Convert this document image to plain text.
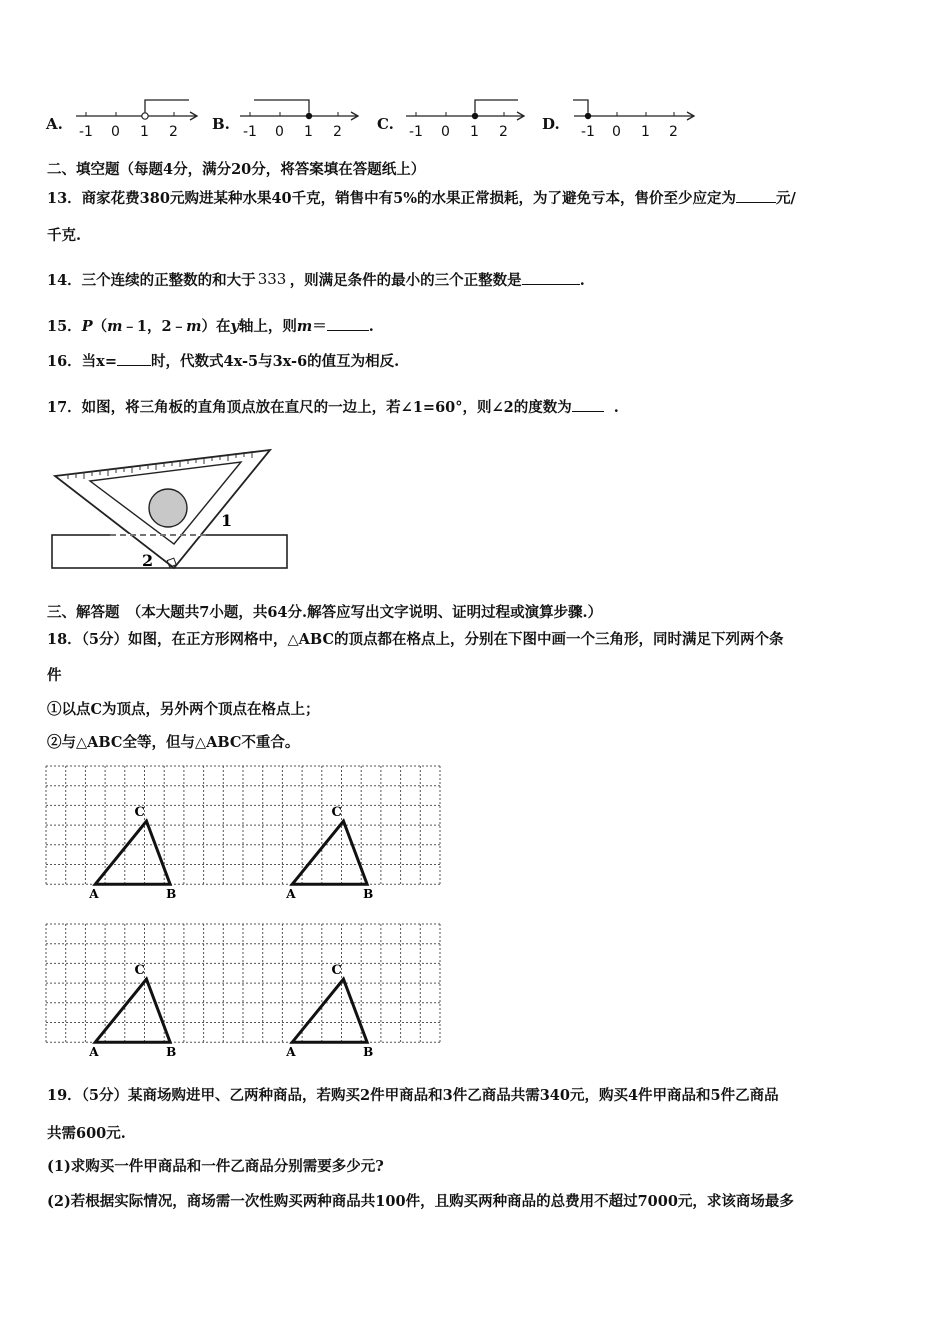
A. -1 0 1 2 B. -1 0 1 2 C. -1 0 1 2 D. -1 0 1 2
二、填空题（每题4分，满分20分，将答案填在答题纸上）
13．商家花费380元购进某种水果40千克，销售中有5%的水果正常损耗，为了避免亏本，售价至少应定为	元/
千克.
14．三个连续的正整数的和大于 333 ，则满足条件的最小的三个正整数是	.
15．P（m﹣1，2﹣m）在y轴上，则m＝	.
16．当x= 时，代数式4x-5与3x-6的值互为相反.
17．如图，将三角板的直角顶点放在直尺的一边上，若∠1=60°，则∠2的度数为	.
1
2
三、解答题　（本大题共7小题，共64分.解答应写出文字说明、证明过程或演算步骤.）
18．（5分）如图，在正方形网格中，△ABC的顶点都在格点上，分别在下图中画一个三角形，同时满足下列两个条
件
①以点C为顶点，另外两个顶点在格点上；
②与△ABC全等，但与△ABC不重合。
A	B
C
A	B
C
A	B
C
A	B
C
19．（5分）某商场购进甲、乙两种商品，若购买2件甲商品和3件乙商品共需340元，购买4件甲商品和5件乙商品
共需600元.
(1)求购买一件甲商品和一件乙商品分别需要多少元?
(2)若根据实际情况，商场需一次性购买两种商品共100件，且购买两种商品的总费用不超过7000元，求该商场最多
